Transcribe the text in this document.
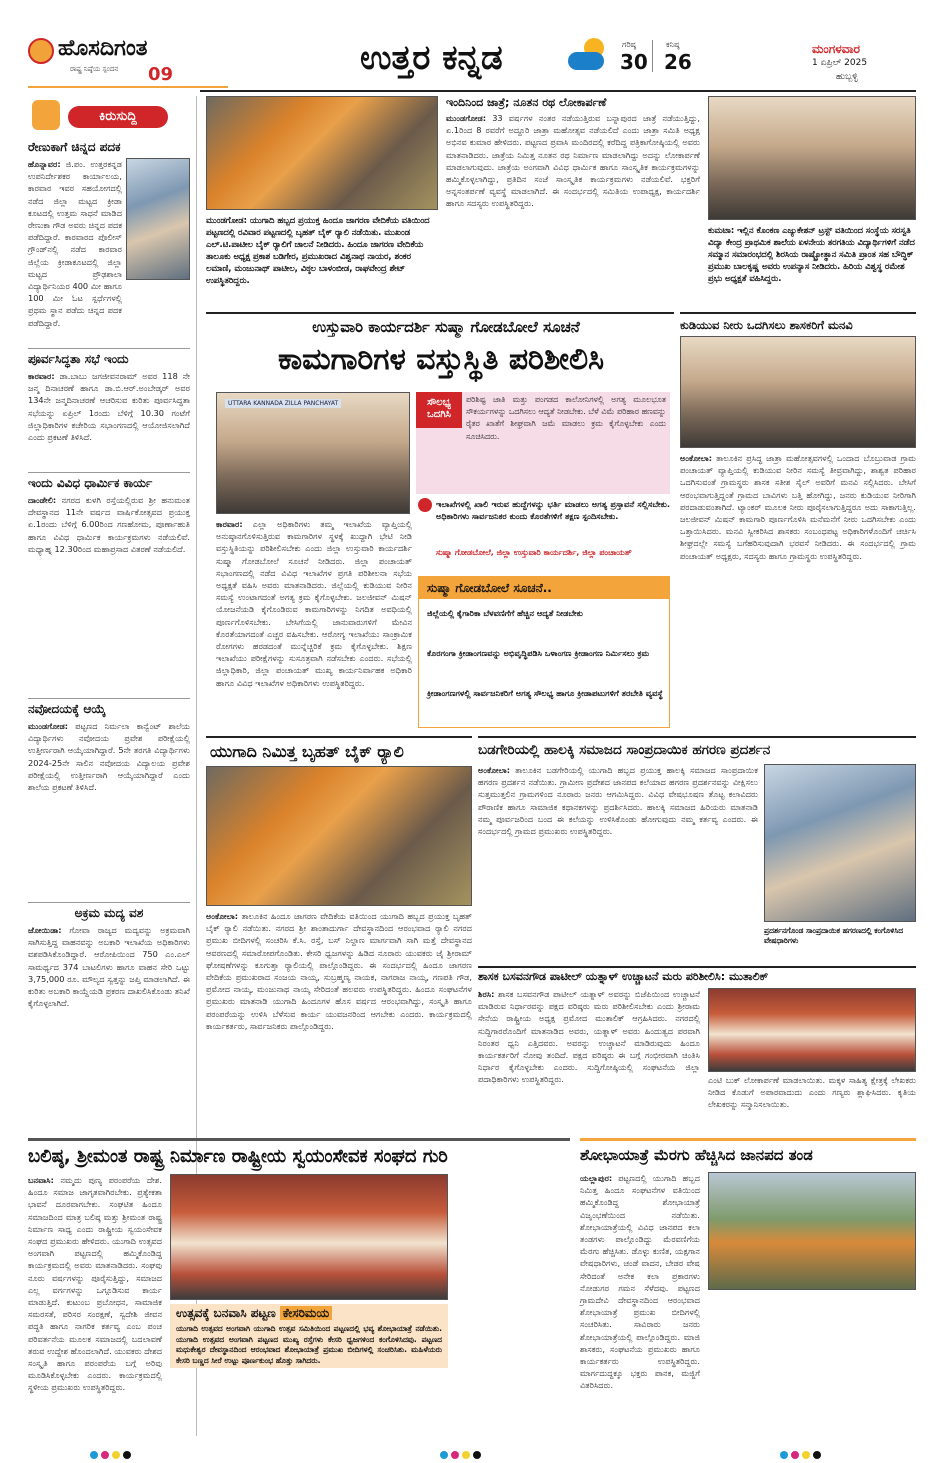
ಹೊಸದಿಗಂತ
ರಾಷ್ಟ್ರ ನಿಷ್ಠೆಯ ಸ್ಪಂದನ 09	ಉತ್ತರ ಕನ್ನಡ	ಗರಿಷ್ಠ
30
ಕನಿಷ್ಠ
26
ಮಂಗಳವಾರ
1 ಏಪ್ರಿಲ್ 2025
ಹುಬ್ಬಳ್ಳಿ
ಕಿರುಸುದ್ದಿ
ರೇಣುಕಾಗೆ ಚಿನ್ನದ ಪದಕ
ಹೊನ್ನಾವರ: ಜಿ.ಪಂ. ಉತ್ತರಕನ್ನಡ ಉಪನಿರ್ದೇಶಕರ ಕಾರ್ಯಾಲಯ, ಕಾರವಾರ ಇವರ ಸಹಯೋಗದಲ್ಲಿ ನಡೆದ ಜಿಲ್ಲಾ ಮಟ್ಟದ ಕ್ರೀಡಾ ಕೂಟದಲ್ಲಿ ಉತ್ತಮ ಸಾಧನೆ ಮಾಡಿದ ರೇಣುಕಾ ಗೌಡ ಅವರು ಚಿನ್ನದ ಪದಕ ಪಡೆದಿದ್ದಾರೆ. ಕಾರವಾರದ ಪೊಲೀಸ್ ಗ್ರೌಂಡ್‌ನಲ್ಲಿ ನಡೆದ ಕಾರವಾರ ಜಿಲ್ಲೆಯ ಕ್ರೀಡಾಕೂಟದಲ್ಲಿ ಜಿಲ್ಲಾ ಮಟ್ಟದ ಪ್ರೌಢಶಾಲಾ ವಿದ್ಯಾರ್ಥಿನಿಯರ 400 ಮೀ ಹಾಗೂ 100 ಮೀ ಓಟ ಸ್ಪರ್ಧೆಗಳಲ್ಲಿ ಪ್ರಥಮ ಸ್ಥಾನ ಪಡೆದು ಚಿನ್ನದ ಪದಕ ಪಡೆದಿದ್ದಾರೆ.
ಪೂರ್ವಸಿದ್ಧತಾ ಸಭೆ ಇಂದು
ಕಾರವಾರ: ಡಾ.ಬಾಬು ಜಗಜೀವನರಾಮ್ ಅವರ 118 ನೇ ಜನ್ಮ ದಿನಾಚರಣೆ ಹಾಗೂ ಡಾ.ಬಿ.ಆರ್.ಅಂಬೇಡ್ಕರ್ ಅವರ 134ನೇ ಜನ್ಮದಿನಾಚರಣೆ ಆಚರಿಸುವ ಕುರಿತು ಪೂರ್ವಸಿದ್ಧತಾ ಸಭೆಯನ್ನು ಏಪ್ರಿಲ್ 1ರಂದು ಬೆಳಿಗ್ಗೆ 10.30 ಗಂಟೆಗೆ ಜಿಲ್ಲಾಧಿಕಾರಿಗಳ ಕಚೇರಿಯ ಸಭಾಂಗಣದಲ್ಲಿ ಆಯೋಜಿಸಲಾಗಿದೆ ಎಂದು ಪ್ರಕಟಣೆ ತಿಳಿಸಿದೆ.
ಇಂದು ವಿವಿಧ ಧಾರ್ಮಿಕ ಕಾರ್ಯ
ದಾಂಡೇಲಿ: ನಗರದ ಕುಳಗಿ ರಸ್ತೆಯಲ್ಲಿರುವ ಶ್ರೀ ಹನುಮಂತ ದೇವಸ್ಥಾನದ 11ನೇ ವರ್ಷದ ವಾರ್ಷಿಕೋತ್ಸವದ ಪ್ರಯುಕ್ತ ಏ.1ರಂದು ಬೆಳಿಗ್ಗೆ 6.00ರಿಂದ ಗಣಹೋಮ, ಪೂರ್ಣಾಹುತಿ ಹಾಗೂ ವಿವಿಧ ಧಾರ್ಮಿಕ ಕಾರ್ಯಕ್ರಮಗಳು ನಡೆಯಲಿವೆ. ಮಧ್ಯಾಹ್ನ 12.30ರಿಂದ ಮಹಾಪ್ರಸಾದ ವಿತರಣೆ ನಡೆಯಲಿದೆ.
ನವೋದಯಕ್ಕೆ ಆಯ್ಕೆ
ಮುಂಡಗೋಡ: ಪಟ್ಟಣದ ನಿರ್ಮಲಾ ಕಾನ್ವೆಂಟ್ ಶಾಲೆಯ ವಿದ್ಯಾರ್ಥಿಗಳು ನವೋದಯ ಪ್ರವೇಶ ಪರೀಕ್ಷೆಯಲ್ಲಿ ಉತ್ತೀರ್ಣರಾಗಿ ಆಯ್ಕೆಯಾಗಿದ್ದಾರೆ. 5ನೇ ತರಗತಿ ವಿದ್ಯಾರ್ಥಿಗಳು 2024-25ನೇ ಸಾಲಿನ ನವೋದಯ ವಿದ್ಯಾಲಯ ಪ್ರವೇಶ ಪರೀಕ್ಷೆಯಲ್ಲಿ ಉತ್ತೀರ್ಣರಾಗಿ ಆಯ್ಕೆಯಾಗಿದ್ದಾರೆ ಎಂದು ಶಾಲೆಯ ಪ್ರಕಟಣೆ ತಿಳಿಸಿದೆ.
ಅಕ್ರಮ ಮದ್ಯ ವಶ
ಜೋಯಿಡಾ: ಗೋವಾ ರಾಜ್ಯದ ಮದ್ಯವನ್ನು ಅಕ್ರಮವಾಗಿ ಸಾಗಿಸುತ್ತಿದ್ದ ವಾಹನವನ್ನು ಅಬಕಾರಿ ಇಲಾಖೆಯ ಅಧಿಕಾರಿಗಳು ವಶಪಡಿಸಿಕೊಂಡಿದ್ದಾರೆ. ಆರೋಪಿಯಿಂದ 750 ಎಂ.ಎಲ್ ಸಾಮರ್ಥ್ಯದ 374 ಬಾಟಲಿಗಳು ಹಾಗೂ ವಾಹನ ಸೇರಿ ಒಟ್ಟು 3,75,000 ರೂ. ಮೌಲ್ಯದ ಸ್ವತ್ತನ್ನು ಜಪ್ತಿ ಮಾಡಲಾಗಿದೆ. ಈ ಕುರಿತು ಅಬಕಾರಿ ಕಾಯ್ದೆಯಡಿ ಪ್ರಕರಣ ದಾಖಲಿಸಿಕೊಂಡು ತನಿಖೆ ಕೈಗೊಳ್ಳಲಾಗಿದೆ.
ಮುಂಡಗೋಡ: ಯುಗಾದಿ ಹಬ್ಬದ ಪ್ರಯುಕ್ತ ಹಿಂದೂ ಜಾಗರಣ ವೇದಿಕೆಯ ವತಿಯಿಂದ ಪಟ್ಟಣದಲ್ಲಿ ರವಿವಾರ ಪಟ್ಟಣದಲ್ಲಿ ಬೃಹತ್ ಬೈಕ್ ರ‍್ಯಾಲಿ ನಡೆಯಿತು. ಮುಖಂಡ ಎಲ್.ಟಿ.ಪಾಟೀಲ ಬೈಕ್ ರ‍್ಯಾಲಿಗೆ ಚಾಲನೆ ನೀಡಿದರು. ಹಿಂದೂ ಜಾಗರಣ ವೇದಿಕೆಯ ತಾಲೂಕು ಅಧ್ಯಕ್ಷ ಪ್ರಕಾಶ ಬಡಿಗೇರ, ಪ್ರಮುಖರಾದ ವಿಶ್ವನಾಥ ನಾಯರ, ಶಂಕರ ಲಮಾಣಿ, ಮಂಜುನಾಥ್ ಪಾಟೀಲ, ವಿಠ್ಠಲ ಬಾಳಂಬೀಡ, ರಾಘವೇಂದ್ರ ಶೇಟ್ ಉಪಸ್ಥಿತರಿದ್ದರು.
ಇಂದಿನಿಂದ ಜಾತ್ರೆ; ನೂತನ ರಥ ಲೋಕಾರ್ಪಣೆ
ಮುಂಡಗೋಡ: 33 ವರ್ಷಗಳ ನಂತರ ನಡೆಯುತ್ತಿರುವ ಬನ್ನಾಪುರದ ಜಾತ್ರೆ ನಡೆಯುತ್ತಿದ್ದು, ಏ.1ರಿಂದ 8 ರವರೆಗೆ ಅದ್ದೂರಿ ಜಾತ್ರಾ ಮಹೋತ್ಸವ ನಡೆಯಲಿದೆ ಎಂದು ಜಾತ್ರಾ ಸಮಿತಿ ಅಧ್ಯಕ್ಷ ಅಭಿನವ ಕುಮಾರ ಹೇಳಿದರು. ಪಟ್ಟಣದ ಪ್ರವಾಸಿ ಮಂದಿರದಲ್ಲಿ ಕರೆದಿದ್ದ ಪತ್ರಿಕಾಗೋಷ್ಠಿಯಲ್ಲಿ ಅವರು ಮಾತನಾಡಿದರು. ಜಾತ್ರೆಯ ನಿಮಿತ್ತ ನೂತನ ರಥ ನಿರ್ಮಾಣ ಮಾಡಲಾಗಿದ್ದು ಅದನ್ನು ಲೋಕಾರ್ಪಣೆ ಮಾಡಲಾಗುವುದು. ಜಾತ್ರೆಯ ಅಂಗವಾಗಿ ವಿವಿಧ ಧಾರ್ಮಿಕ ಹಾಗೂ ಸಾಂಸ್ಕೃತಿಕ ಕಾರ್ಯಕ್ರಮಗಳನ್ನು ಹಮ್ಮಿಕೊಳ್ಳಲಾಗಿದ್ದು, ಪ್ರತಿದಿನ ಸಂಜೆ ಸಾಂಸ್ಕೃತಿಕ ಕಾರ್ಯಕ್ರಮಗಳು ನಡೆಯಲಿವೆ. ಭಕ್ತರಿಗೆ ಅನ್ನಸಂತರ್ಪಣೆ ವ್ಯವಸ್ಥೆ ಮಾಡಲಾಗಿದೆ. ಈ ಸಂದರ್ಭದಲ್ಲಿ ಸಮಿತಿಯ ಉಪಾಧ್ಯಕ್ಷ, ಕಾರ್ಯದರ್ಶಿ ಹಾಗೂ ಸದಸ್ಯರು ಉಪಸ್ಥಿತರಿದ್ದರು.
ಕುಮಟಾ: ಇಲ್ಲಿನ ಕೊಂಕಣ ಎಜ್ಯುಕೇಶನ್ ಟ್ರಸ್ಟ್ ವತಿಯಿಂದ ಸಂಸ್ಥೆಯ ಸರಸ್ವತಿ ವಿದ್ಯಾ ಕೇಂದ್ರ ಪ್ರಾಥಮಿಕ ಶಾಲೆಯ ಏಳನೇಯ ತರಗತಿಯ ವಿದ್ಯಾರ್ಥಿಗಳಿಗೆ ನಡೆದ ಸಮ್ಮಾನ ಸಮಾರಂಭದಲ್ಲಿ ಶಿರಸಿಯ ರಾಷ್ಟ್ರೋತ್ಥಾನ ಸಮಿತಿ ಪ್ರಾಂತ ಸಹ ಬೌದ್ಧಿಕ್ ಪ್ರಮುಖ ಬಾಲಕೃಷ್ಣ ಅವರು ಉಪನ್ಯಾಸ ನೀಡಿದರು. ಹಿರಿಯ ವಿಶ್ವಸ್ಥ ರಮೇಶ ಪ್ರಭು ಅಧ್ಯಕ್ಷತೆ ವಹಿಸಿದ್ದರು.
ಉಸ್ತುವಾರಿ ಕಾರ್ಯದರ್ಶಿ ಸುಷ್ಮಾ ಗೋಡಬೋಲೆ ಸೂಚನೆ
ಕಾಮಗಾರಿಗಳ ವಸ್ತುಸ್ಥಿತಿ ಪರಿಶೀಲಿಸಿ
UTTARA KANNADA ZILLA PANCHAYAT	ಸೌಲಭ್ಯ ಒದಗಿಸಿ
ಪರಿಶಿಷ್ಟ ಜಾತಿ ಮತ್ತು ಪಂಗಡದ ಕಾಲೋನಿಗಳಲ್ಲಿ ಅಗತ್ಯ ಮೂಲಭೂತ ಸೌಕರ್ಯಗಳನ್ನು ಒದಗಿಸಲು ಆದ್ಯತೆ ನೀಡಬೇಕು. ಬೆಳೆ ವಿಮೆ ಪರಿಹಾರ ಹಣವನ್ನು ರೈತರ ಖಾತೆಗೆ ಶೀಘ್ರವಾಗಿ ಜಮೆ ಮಾಡಲು ಕ್ರಮ ಕೈಗೊಳ್ಳಬೇಕು ಎಂದು ಸೂಚಿಸಿದರು.
ಕಾರವಾರ: ಎಲ್ಲಾ ಅಧಿಕಾರಿಗಳು ತಮ್ಮ ಇಲಾಖೆಯ ವ್ಯಾಪ್ತಿಯಲ್ಲಿ ಅನುಷ್ಠಾನಗೊಳಿಸುತ್ತಿರುವ ಕಾಮಗಾರಿಗಳ ಸ್ಥಳಕ್ಕೆ ಖುದ್ದಾಗಿ ಭೇಟಿ ನೀಡಿ ವಸ್ತುಸ್ಥಿತಿಯನ್ನು ಪರಿಶೀಲಿಸಬೇಕು ಎಂದು ಜಿಲ್ಲಾ ಉಸ್ತುವಾರಿ ಕಾರ್ಯದರ್ಶಿ ಸುಷ್ಮಾ ಗೋಡಬೋಲೆ ಸೂಚನೆ ನೀಡಿದರು. ಜಿಲ್ಲಾ ಪಂಚಾಯತ್ ಸಭಾಂಗಣದಲ್ಲಿ ನಡೆದ ವಿವಿಧ ಇಲಾಖೆಗಳ ಪ್ರಗತಿ ಪರಿಶೀಲನಾ ಸಭೆಯ ಅಧ್ಯಕ್ಷತೆ ವಹಿಸಿ ಅವರು ಮಾತನಾಡಿದರು. ಜಿಲ್ಲೆಯಲ್ಲಿ ಕುಡಿಯುವ ನೀರಿನ ಸಮಸ್ಯೆ ಉಂಟಾಗದಂತೆ ಅಗತ್ಯ ಕ್ರಮ ಕೈಗೊಳ್ಳಬೇಕು. ಜಲಜೀವನ್ ಮಿಷನ್ ಯೋಜನೆಯಡಿ ಕೈಗೊಂಡಿರುವ ಕಾಮಗಾರಿಗಳನ್ನು ನಿಗದಿತ ಅವಧಿಯಲ್ಲಿ ಪೂರ್ಣಗೊಳಿಸಬೇಕು. ಬೇಸಿಗೆಯಲ್ಲಿ ಜಾನುವಾರುಗಳಿಗೆ ಮೇವಿನ ಕೊರತೆಯಾಗದಂತೆ ಎಚ್ಚರ ವಹಿಸಬೇಕು. ಆರೋಗ್ಯ ಇಲಾಖೆಯು ಸಾಂಕ್ರಾಮಿಕ ರೋಗಗಳು ಹರಡದಂತೆ ಮುನ್ನೆಚ್ಚರಿಕೆ ಕ್ರಮ ಕೈಗೊಳ್ಳಬೇಕು. ಶಿಕ್ಷಣ ಇಲಾಖೆಯು ಪರೀಕ್ಷೆಗಳನ್ನು ಸುಸೂತ್ರವಾಗಿ ನಡೆಸಬೇಕು ಎಂದರು. ಸಭೆಯಲ್ಲಿ ಜಿಲ್ಲಾಧಿಕಾರಿ, ಜಿಲ್ಲಾ ಪಂಚಾಯತ್ ಮುಖ್ಯ ಕಾರ್ಯನಿರ್ವಾಹಕ ಅಧಿಕಾರಿ ಹಾಗೂ ವಿವಿಧ ಇಲಾಖೆಗಳ ಅಧಿಕಾರಿಗಳು ಉಪಸ್ಥಿತರಿದ್ದರು.
ಇಲಾಖೆಗಳಲ್ಲಿ ಖಾಲಿ ಇರುವ ಹುದ್ದೆಗಳನ್ನು ಭರ್ತಿ ಮಾಡಲು ಅಗತ್ಯ ಪ್ರಸ್ತಾವನೆ ಸಲ್ಲಿಸಬೇಕು. ಅಧಿಕಾರಿಗಳು ಸಾರ್ವಜನಿಕರ ಕುಂದು ಕೊರತೆಗಳಿಗೆ ತಕ್ಷಣ ಸ್ಪಂದಿಸಬೇಕು.
ಸುಷ್ಮಾ ಗೋಡಬೋಲೆ, ಜಿಲ್ಲಾ ಉಸ್ತುವಾರಿ ಕಾರ್ಯದರ್ಶಿ, ಜಿಲ್ಲಾ ಪಂಚಾಯತ್
ಸುಷ್ಮಾ ಗೋಡಬೋಲೆ ಸೂಚನೆ..
ಜಿಲ್ಲೆಯಲ್ಲಿ ಕೈಗಾರಿಕಾ ಬೆಳವಣಿಗೆಗೆ ಹೆಚ್ಚಿನ ಆದ್ಯತೆ ನೀಡಬೇಕು
ಕೊರಗಂಗಾ ಕ್ರೀಡಾಂಗಣವನ್ನು ಅಭಿವೃದ್ಧಿಪಡಿಸಿ ಒಳಾಂಗಣ ಕ್ರೀಡಾಂಗಣ ನಿರ್ಮಿಸಲು ಕ್ರಮ
ಕ್ರೀಡಾಂಗಣಗಳಲ್ಲಿ ಸಾರ್ವಜನಿಕರಿಗೆ ಅಗತ್ಯ ಸೌಲಭ್ಯ ಹಾಗೂ ಕ್ರೀಡಾಪಟುಗಳಿಗೆ ತರಬೇತಿ ವ್ಯವಸ್ಥೆ
ಕುಡಿಯುವ ನೀರು ಒದಗಿಸಲು ಶಾಸಕರಿಗೆ ಮನವಿ
ಅಂಕೋಲಾ: ತಾಲೂಕಿನ ಪ್ರಸಿದ್ಧ ಜಾತ್ರಾ ಮಹೋತ್ಸವಗಳಲ್ಲಿ ಒಂದಾದ ಬೊಬ್ರುವಾಡ ಗ್ರಾಮ ಪಂಚಾಯತ್ ವ್ಯಾಪ್ತಿಯಲ್ಲಿ ಕುಡಿಯುವ ನೀರಿನ ಸಮಸ್ಯೆ ತೀವ್ರವಾಗಿದ್ದು, ಶಾಶ್ವತ ಪರಿಹಾರ ಒದಗಿಸುವಂತೆ ಗ್ರಾಮಸ್ಥರು ಶಾಸಕ ಸತೀಶ ಸೈಲ್ ಅವರಿಗೆ ಮನವಿ ಸಲ್ಲಿಸಿದರು. ಬೇಸಿಗೆ ಆರಂಭವಾಗುತ್ತಿದ್ದಂತೆ ಗ್ರಾಮದ ಬಾವಿಗಳು ಬತ್ತಿ ಹೋಗಿದ್ದು, ಜನರು ಕುಡಿಯುವ ನೀರಿಗಾಗಿ ಪರದಾಡುವಂತಾಗಿದೆ. ಟ್ಯಾಂಕರ್ ಮೂಲಕ ನೀರು ಪೂರೈಸಲಾಗುತ್ತಿದ್ದರೂ ಅದು ಸಾಕಾಗುತ್ತಿಲ್ಲ. ಜಲಜೀವನ್ ಮಿಷನ್ ಕಾಮಗಾರಿ ಪೂರ್ಣಗೊಳಿಸಿ ಮನೆಮನೆಗೆ ನೀರು ಒದಗಿಸಬೇಕು ಎಂದು ಒತ್ತಾಯಿಸಿದರು. ಮನವಿ ಸ್ವೀಕರಿಸಿದ ಶಾಸಕರು ಸಂಬಂಧಪಟ್ಟ ಅಧಿಕಾರಿಗಳೊಂದಿಗೆ ಚರ್ಚಿಸಿ ಶೀಘ್ರದಲ್ಲೇ ಸಮಸ್ಯೆ ಬಗೆಹರಿಸುವುದಾಗಿ ಭರವಸೆ ನೀಡಿದರು. ಈ ಸಂದರ್ಭದಲ್ಲಿ ಗ್ರಾಮ ಪಂಚಾಯತ್ ಅಧ್ಯಕ್ಷರು, ಸದಸ್ಯರು ಹಾಗೂ ಗ್ರಾಮಸ್ಥರು ಉಪಸ್ಥಿತರಿದ್ದರು.
ಯುಗಾದಿ ನಿಮಿತ್ತ ಬೃಹತ್ ಬೈಕ್ ರ‍್ಯಾಲಿ
ಅಂಕೋಲಾ: ತಾಲೂಕಿನ ಹಿಂದೂ ಜಾಗರಣ ವೇದಿಕೆಯ ವತಿಯಿಂದ ಯುಗಾದಿ ಹಬ್ಬದ ಪ್ರಯುಕ್ತ ಬೃಹತ್ ಬೈಕ್ ರ‍್ಯಾಲಿ ನಡೆಯಿತು. ನಗರದ ಶ್ರೀ ಶಾಂತಾದುರ್ಗಾ ದೇವಸ್ಥಾನದಿಂದ ಆರಂಭವಾದ ರ‍್ಯಾಲಿ ನಗರದ ಪ್ರಮುಖ ಬೀದಿಗಳಲ್ಲಿ ಸಂಚರಿಸಿ ಕೆ.ಸಿ. ರಸ್ತೆ, ಬಸ್ ನಿಲ್ದಾಣ ಮಾರ್ಗವಾಗಿ ಸಾಗಿ ಮತ್ತೆ ದೇವಸ್ಥಾನದ ಆವರಣದಲ್ಲಿ ಸಮಾರೋಪಗೊಂಡಿತು. ಕೇಸರಿ ಧ್ವಜಗಳನ್ನು ಹಿಡಿದ ನೂರಾರು ಯುವಕರು ಜೈ ಶ್ರೀರಾಮ್ ಘೋಷಣೆಗಳನ್ನು ಕೂಗುತ್ತಾ ರ‍್ಯಾಲಿಯಲ್ಲಿ ಪಾಲ್ಗೊಂಡಿದ್ದರು. ಈ ಸಂದರ್ಭದಲ್ಲಿ ಹಿಂದೂ ಜಾಗರಣ ವೇದಿಕೆಯ ಪ್ರಮುಖರಾದ ಸಂಜಯ ನಾಯ್ಕ, ಸುಬ್ರಹ್ಮಣ್ಯ ನಾಯಕ, ನಾಗರಾಜ ನಾಯ್ಕ, ಗಣಪತಿ ಗೌಡ, ಪ್ರಮೋದ ನಾಯ್ಕ, ಮಂಜುನಾಥ ನಾಯ್ಕ ಸೇರಿದಂತೆ ಹಲವರು ಉಪಸ್ಥಿತರಿದ್ದರು. ಹಿಂದೂ ಸಂಘಟನೆಗಳ ಪ್ರಮುಖರು ಮಾತನಾಡಿ ಯುಗಾದಿ ಹಿಂದೂಗಳ ಹೊಸ ವರ್ಷದ ಆರಂಭವಾಗಿದ್ದು, ಸಂಸ್ಕೃತಿ ಹಾಗೂ ಪರಂಪರೆಯನ್ನು ಉಳಿಸಿ ಬೆಳೆಸುವ ಕಾರ್ಯ ಯುವಜನರಿಂದ ಆಗಬೇಕು ಎಂದರು. ಕಾರ್ಯಕ್ರಮದಲ್ಲಿ ಕಾರ್ಯಕರ್ತರು, ಸಾರ್ವಜನಿಕರು ಪಾಲ್ಗೊಂಡಿದ್ದರು.
ಬಡಗೇರಿಯಲ್ಲಿ ಹಾಲಕ್ಕಿ ಸಮಾಜದ ಸಾಂಪ್ರದಾಯಿಕ ಹಗರಣ ಪ್ರದರ್ಶನ
ಅಂಕೋಲಾ: ತಾಲೂಕಿನ ಬಡಗೇರಿಯಲ್ಲಿ ಯುಗಾದಿ ಹಬ್ಬದ ಪ್ರಯುಕ್ತ ಹಾಲಕ್ಕಿ ಸಮಾಜದ ಸಾಂಪ್ರದಾಯಿಕ ಹಗರಣ ಪ್ರದರ್ಶನ ನಡೆಯಿತು. ಗ್ರಾಮೀಣ ಪ್ರದೇಶದ ಜಾನಪದ ಕಲೆಯಾದ ಹಗರಣ ಪ್ರದರ್ಶನವನ್ನು ವೀಕ್ಷಿಸಲು ಸುತ್ತಮುತ್ತಲಿನ ಗ್ರಾಮಗಳಿಂದ ನೂರಾರು ಜನರು ಆಗಮಿಸಿದ್ದರು. ವಿವಿಧ ವೇಷಭೂಷಣ ತೊಟ್ಟ ಕಲಾವಿದರು ಪೌರಾಣಿಕ ಹಾಗೂ ಸಾಮಾಜಿಕ ಕಥಾನಕಗಳನ್ನು ಪ್ರದರ್ಶಿಸಿದರು. ಹಾಲಕ್ಕಿ ಸಮಾಜದ ಹಿರಿಯರು ಮಾತನಾಡಿ ನಮ್ಮ ಪೂರ್ವಜರಿಂದ ಬಂದ ಈ ಕಲೆಯನ್ನು ಉಳಿಸಿಕೊಂಡು ಹೋಗುವುದು ನಮ್ಮ ಕರ್ತವ್ಯ ಎಂದರು. ಈ ಸಂದರ್ಭದಲ್ಲಿ ಗ್ರಾಮದ ಪ್ರಮುಖರು ಉಪಸ್ಥಿತರಿದ್ದರು.
ಪ್ರದರ್ಶನಗೊಂಡ ಸಾಂಪ್ರದಾಯಿಕ ಹಗರಣದಲ್ಲಿ ಕಂಗೊಳಿಸಿದ ವೇಷಧಾರಿಗಳು
ಶಾಸಕ ಬಸವನಗೌಡ ಪಾಟೀಲ್ ಯತ್ನಾಳ್ ಉಚ್ಚಾಟನೆ ಮರು ಪರಿಶೀಲಿಸಿ: ಮುತಾಲಿಕ್
ಶಿರಸಿ: ಶಾಸಕ ಬಸವನಗೌಡ ಪಾಟೀಲ್ ಯತ್ನಾಳ್ ಅವರನ್ನು ಬಿಜೆಪಿಯಿಂದ ಉಚ್ಚಾಟನೆ ಮಾಡಿರುವ ನಿರ್ಧಾರವನ್ನು ಪಕ್ಷದ ವರಿಷ್ಠರು ಮರು ಪರಿಶೀಲಿಸಬೇಕು ಎಂದು ಶ್ರೀರಾಮ ಸೇನೆಯ ರಾಷ್ಟ್ರೀಯ ಅಧ್ಯಕ್ಷ ಪ್ರಮೋದ ಮುತಾಲಿಕ್ ಆಗ್ರಹಿಸಿದರು. ನಗರದಲ್ಲಿ ಸುದ್ದಿಗಾರರೊಂದಿಗೆ ಮಾತನಾಡಿದ ಅವರು, ಯತ್ನಾಳ್ ಅವರು ಹಿಂದುತ್ವದ ಪರವಾಗಿ ನಿರಂತರ ಧ್ವನಿ ಎತ್ತಿದವರು. ಅವರನ್ನು ಉಚ್ಚಾಟನೆ ಮಾಡಿರುವುದು ಹಿಂದೂ ಕಾರ್ಯಕರ್ತರಿಗೆ ನೋವು ತಂದಿದೆ. ಪಕ್ಷದ ವರಿಷ್ಠರು ಈ ಬಗ್ಗೆ ಗಂಭೀರವಾಗಿ ಚಿಂತಿಸಿ ನಿರ್ಧಾರ ಕೈಗೊಳ್ಳಬೇಕು ಎಂದರು. ಸುದ್ದಿಗೋಷ್ಠಿಯಲ್ಲಿ ಸಂಘಟನೆಯ ಜಿಲ್ಲಾ ಪದಾಧಿಕಾರಿಗಳು ಉಪಸ್ಥಿತರಿದ್ದರು.	ಎಂಟಿ ಬುಕ್ ಲೋಕಾರ್ಪಣೆ ಮಾಡಲಾಯಿತು. ಮಕ್ಕಳ ಸಾಹಿತ್ಯ ಕ್ಷೇತ್ರಕ್ಕೆ ಲೇಖಕರು ನೀಡಿದ ಕೊಡುಗೆ ಅಪಾರವಾದುದು ಎಂದು ಗಣ್ಯರು ಶ್ಲಾಘಿಸಿದರು. ಕೃತಿಯ ಲೇಖಕರನ್ನು ಸನ್ಮಾನಿಸಲಾಯಿತು.
ಬಲಿಷ್ಠ, ಶ್ರೀಮಂತ ರಾಷ್ಟ್ರ ನಿರ್ಮಾಣ ರಾಷ್ಟ್ರೀಯ ಸ್ವಯಂಸೇವಕ ಸಂಘದ ಗುರಿ
ಬನವಾಸಿ: ನಮ್ಮದು ಪುಣ್ಯ ಪರಂಪರೆಯ ದೇಶ. ಹಿಂದೂ ಸಮಾಜ ಜಾಗೃತವಾಗಿರಬೇಕು. ಪ್ರತ್ಯೇಕತಾ ಭಾವನೆ ದೂರವಾಗಬೇಕು. ಸಂಘಟಿತ ಹಿಂದೂ ಸಮಾಜದಿಂದ ಮಾತ್ರ ಬಲಿಷ್ಠ ಮತ್ತು ಶ್ರೀಮಂತ ರಾಷ್ಟ್ರ ನಿರ್ಮಾಣ ಸಾಧ್ಯ ಎಂದು ರಾಷ್ಟ್ರೀಯ ಸ್ವಯಂಸೇವಕ ಸಂಘದ ಪ್ರಮುಖರು ಹೇಳಿದರು. ಯುಗಾದಿ ಉತ್ಸವದ ಅಂಗವಾಗಿ ಪಟ್ಟಣದಲ್ಲಿ ಹಮ್ಮಿಕೊಂಡಿದ್ದ ಕಾರ್ಯಕ್ರಮದಲ್ಲಿ ಅವರು ಮಾತನಾಡಿದರು. ಸಂಘವು ನೂರು ವರ್ಷಗಳನ್ನು ಪೂರೈಸುತ್ತಿದ್ದು, ಸಮಾಜದ ಎಲ್ಲ ವರ್ಗಗಳನ್ನು ಒಗ್ಗೂಡಿಸುವ ಕಾರ್ಯ ಮಾಡುತ್ತಿದೆ. ಕುಟುಂಬ ಪ್ರಬೋಧನ, ಸಾಮಾಜಿಕ ಸಮರಸತೆ, ಪರಿಸರ ಸಂರಕ್ಷಣೆ, ಸ್ವದೇಶಿ ಜೀವನ ಪದ್ಧತಿ ಹಾಗೂ ನಾಗರಿಕ ಕರ್ತವ್ಯ ಎಂಬ ಪಂಚ ಪರಿವರ್ತನೆಯ ಮೂಲಕ ಸಮಾಜದಲ್ಲಿ ಬದಲಾವಣೆ ತರುವ ಉದ್ದೇಶ ಹೊಂದಲಾಗಿದೆ. ಯುವಕರು ದೇಶದ ಸಂಸ್ಕೃತಿ ಹಾಗೂ ಪರಂಪರೆಯ ಬಗ್ಗೆ ಅರಿವು ಮೂಡಿಸಿಕೊಳ್ಳಬೇಕು ಎಂದರು. ಕಾರ್ಯಕ್ರಮದಲ್ಲಿ ಸ್ಥಳೀಯ ಪ್ರಮುಖರು ಉಪಸ್ಥಿತರಿದ್ದರು.
ಉತ್ಸವಕ್ಕೆ ಬನವಾಸಿ ಪಟ್ಟಣ ಕೇಸರಿಮಯ
ಯುಗಾದಿ ಉತ್ಸವದ ಅಂಗವಾಗಿ ಯುಗಾದಿ ಉತ್ಸವ ಸಮಿತಿಯಿಂದ ಪಟ್ಟಣದಲ್ಲಿ ಭವ್ಯ ಶೋಭಾಯಾತ್ರೆ ನಡೆಯಿತು. ಯುಗಾದಿ ಉತ್ಸವದ ಅಂಗವಾಗಿ ಪಟ್ಟಣದ ಮುಖ್ಯ ರಸ್ತೆಗಳು ಕೇಸರಿ ಧ್ವಜಗಳಿಂದ ಕಂಗೊಳಿಸಿದವು. ಪಟ್ಟಣದ ಮಧುಕೇಶ್ವರ ದೇವಸ್ಥಾನದಿಂದ ಆರಂಭವಾದ ಶೋಭಾಯಾತ್ರೆ ಪ್ರಮುಖ ಬೀದಿಗಳಲ್ಲಿ ಸಂಚರಿಸಿತು. ಮಹಿಳೆಯರು ಕೇಸರಿ ಬಣ್ಣದ ಸೀರೆ ಉಟ್ಟು ಪೂರ್ಣಕುಂಭ ಹೊತ್ತು ಸಾಗಿದರು.
ಶೋಭಾಯಾತ್ರೆ ಮೆರಗು ಹೆಚ್ಚಿಸಿದ ಜಾನಪದ ತಂಡ
ಯಲ್ಲಾಪುರ: ಪಟ್ಟಣದಲ್ಲಿ ಯುಗಾದಿ ಹಬ್ಬದ ನಿಮಿತ್ತ ಹಿಂದೂ ಸಂಘಟನೆಗಳ ವತಿಯಿಂದ ಹಮ್ಮಿಕೊಂಡಿದ್ದ ಶೋಭಾಯಾತ್ರೆ ವಿಜೃಂಭಣೆಯಿಂದ ನಡೆಯಿತು. ಶೋಭಾಯಾತ್ರೆಯಲ್ಲಿ ವಿವಿಧ ಜಾನಪದ ಕಲಾ ತಂಡಗಳು ಪಾಲ್ಗೊಂಡಿದ್ದು ಮೆರವಣಿಗೆಯ ಮೆರಗು ಹೆಚ್ಚಿಸಿತು. ಡೊಳ್ಳು ಕುಣಿತ, ಯಕ್ಷಗಾನ ವೇಷಧಾರಿಗಳು, ಚಂಡೆ ವಾದನ, ಬೇಡರ ವೇಷ ಸೇರಿದಂತೆ ಅನೇಕ ಕಲಾ ಪ್ರಕಾರಗಳು ನೋಡುಗರ ಗಮನ ಸೆಳೆದವು. ಪಟ್ಟಣದ ಗ್ರಾಮದೇವಿ ದೇವಸ್ಥಾನದಿಂದ ಆರಂಭವಾದ ಶೋಭಾಯಾತ್ರೆ ಪ್ರಮುಖ ಬೀದಿಗಳಲ್ಲಿ ಸಂಚರಿಸಿತು. ಸಾವಿರಾರು ಜನರು ಶೋಭಾಯಾತ್ರೆಯಲ್ಲಿ ಪಾಲ್ಗೊಂಡಿದ್ದರು. ಮಾಜಿ ಶಾಸಕರು, ಸಂಘಟನೆಯ ಪ್ರಮುಖರು ಹಾಗೂ ಕಾರ್ಯಕರ್ತರು ಉಪಸ್ಥಿತರಿದ್ದರು. ಮಾರ್ಗದುದ್ದಕ್ಕೂ ಭಕ್ತರು ಪಾನಕ, ಮಜ್ಜಿಗೆ ವಿತರಿಸಿದರು.
